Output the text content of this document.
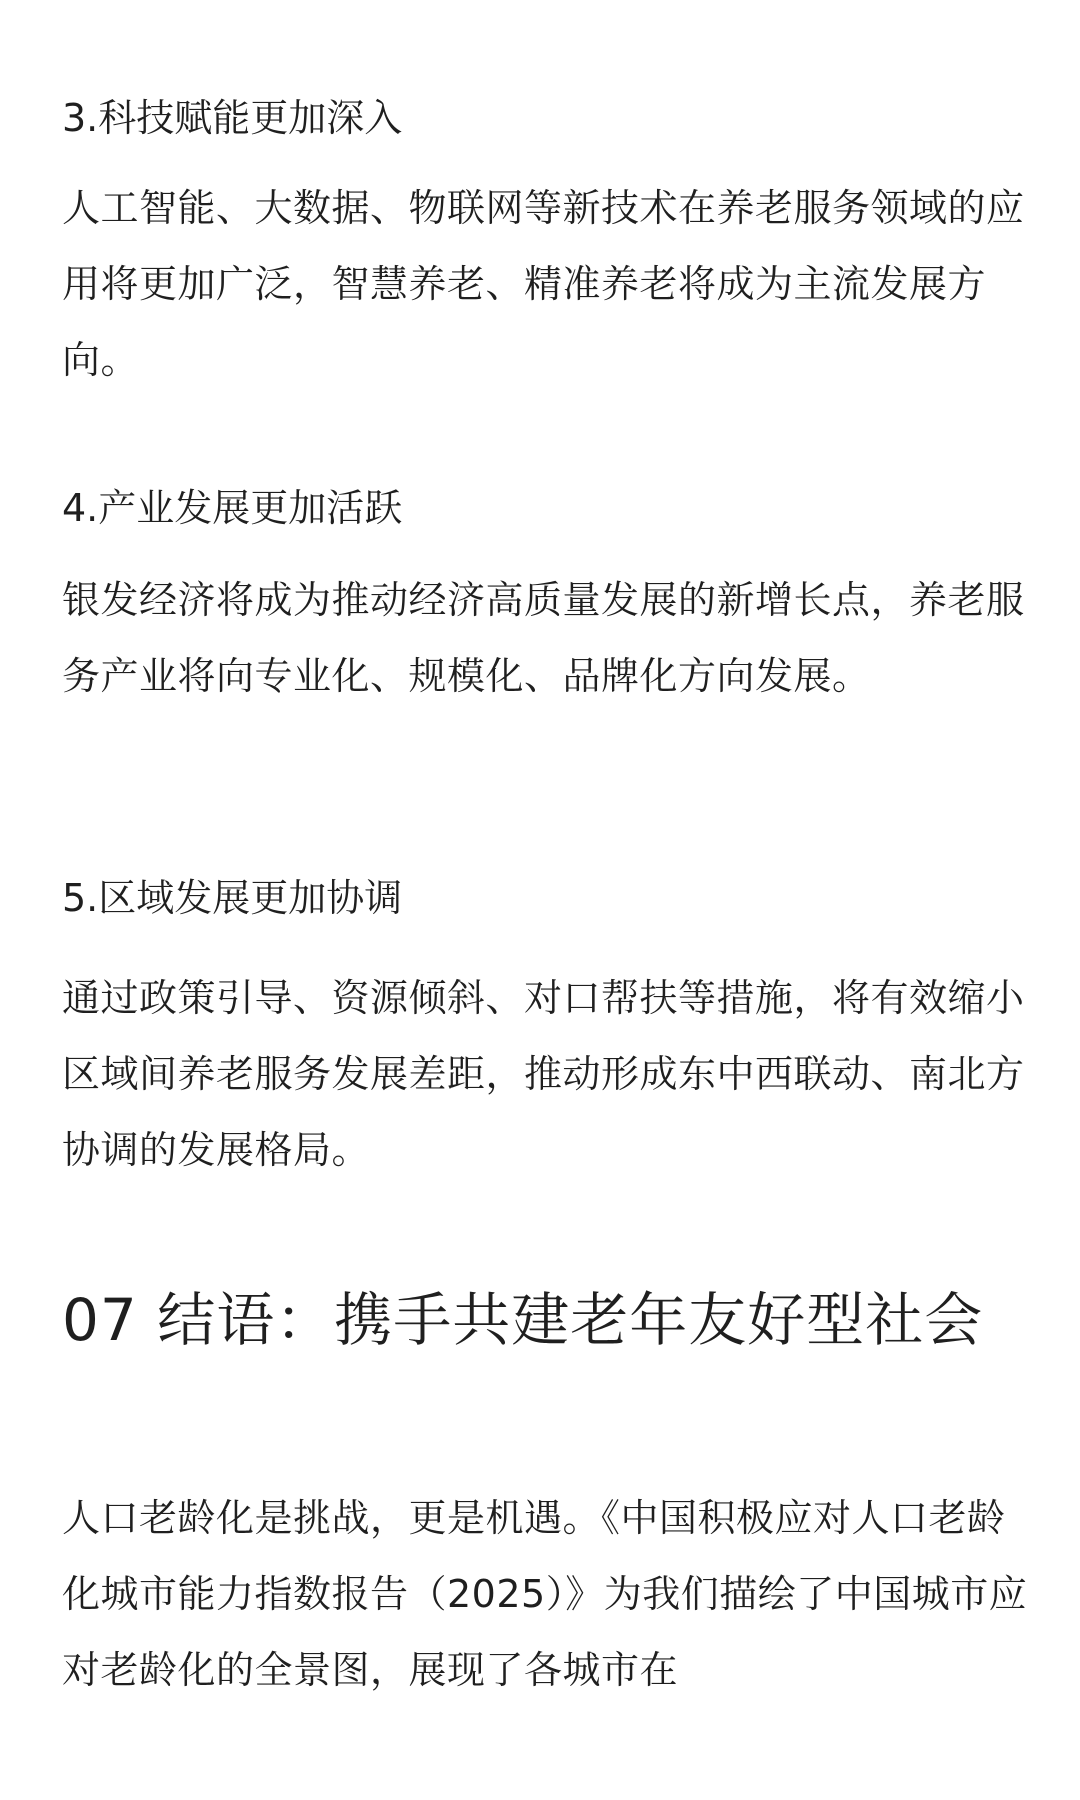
3.科技赋能更加深入
人工智能、大数据、物联网等新技术在养老服务领域的应用将更加广泛，智慧养老、精准养老将成为主流发展方向。
4.产业发展更加活跃
银发经济将成为推动经济高质量发展的新增长点，养老服务产业将向专业化、规模化、品牌化方向发展。
5.区域发展更加协调
通过政策引导、资源倾斜、对口帮扶等措施，将有效缩小区域间养老服务发展差距，推动形成东中西联动、南北方协调的发展格局。
07 结语：携手共建老年友好型社会
人口老龄化是挑战，更是机遇。《中国积极应对人口老龄化城市能力指数报告（2025）》为我们描绘了中国城市应对老龄化的全景图，展现了各城市在
